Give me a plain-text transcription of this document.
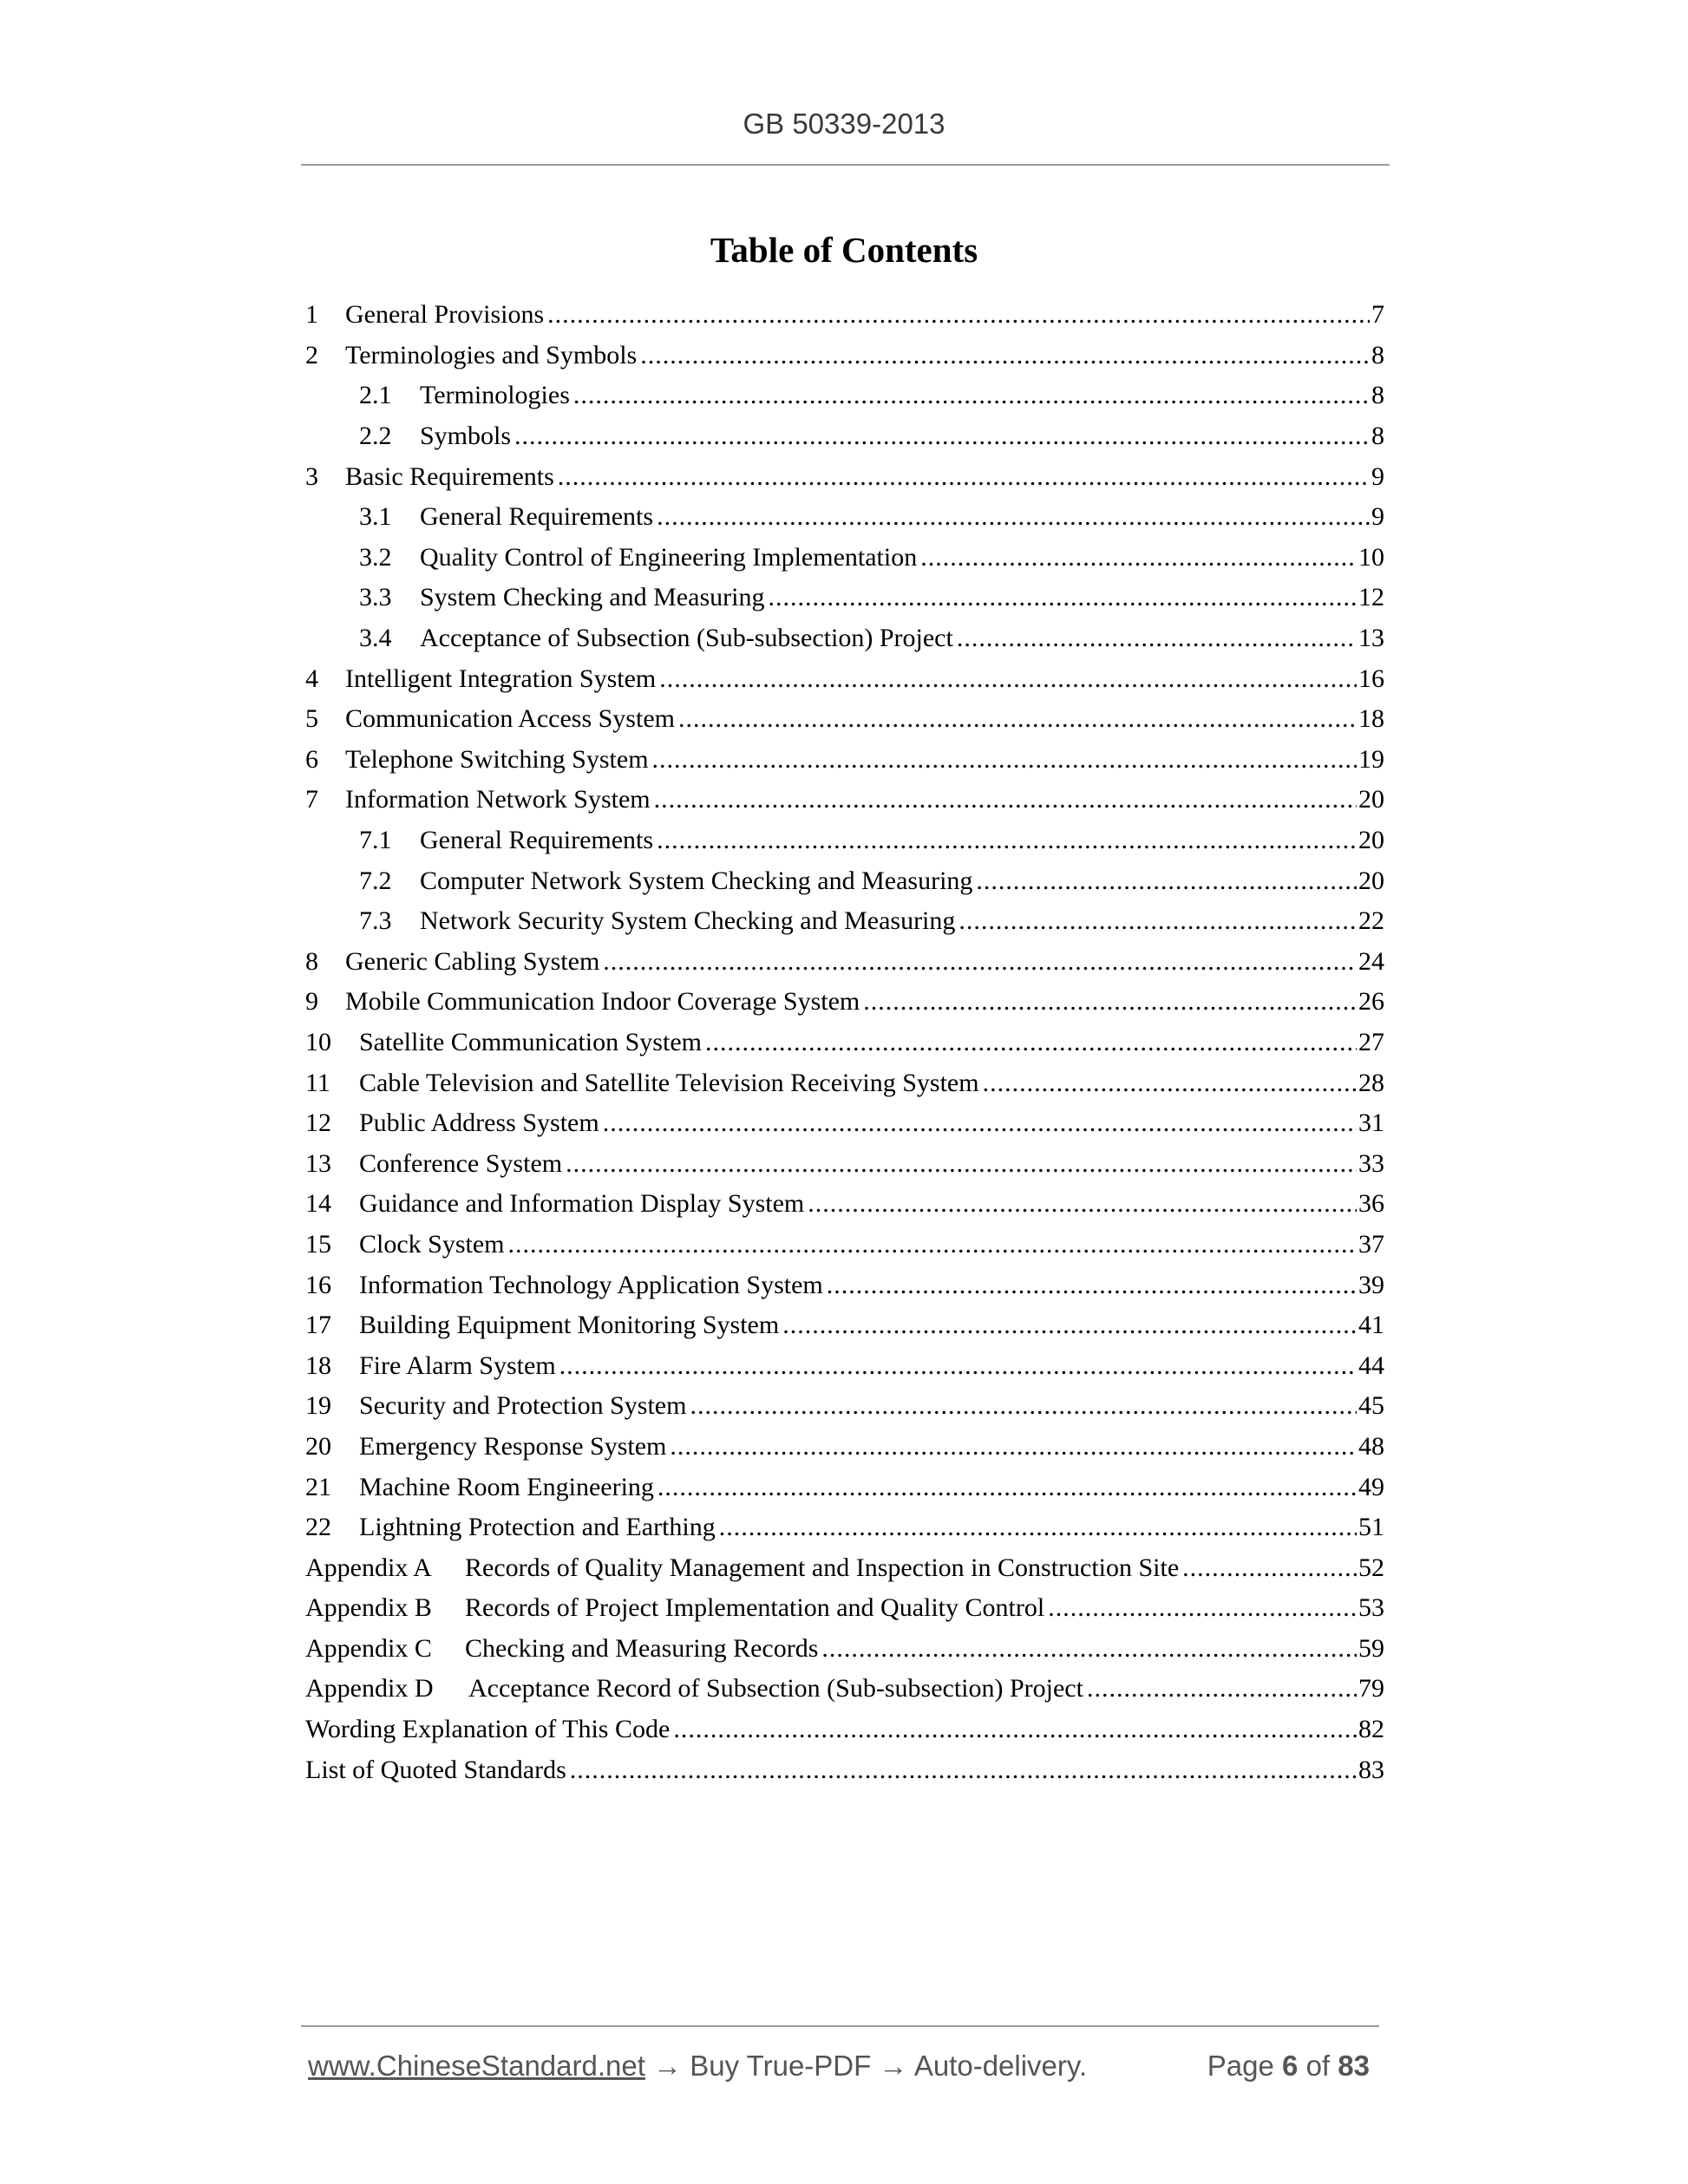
GB 50339-2013
Table of Contents
1	General Provisions .....	7
2	Terminologies and Symbols .....	8
2.1	Terminologies .....	8
2.2	Symbols .....	8
3	Basic Requirements .....	9
3.1	General Requirements .....	9
3.2	Quality Control of Engineering Implementation .....	10
3.3	System Checking and Measuring .....	12
3.4	Acceptance of Subsection (Sub-subsection) Project .....	13
4	Intelligent Integration System .....	16
5	Communication Access System .....	18
6	Telephone Switching System .....	19
7	Information Network System .....	20
7.1	General Requirements .....	20
7.2	Computer Network System Checking and Measuring .....	20
7.3	Network Security System Checking and Measuring .....	22
8	Generic Cabling System .....	24
9	Mobile Communication Indoor Coverage System .....	26
10	Satellite Communication System .....	27
11	Cable Television and Satellite Television Receiving System .....	28
12	Public Address System .....	31
13	Conference System .....	33
14	Guidance and Information Display System .....	36
15	Clock System .....	37
16	Information Technology Application System .....	39
17	Building Equipment Monitoring System .....	41
18	Fire Alarm System .....	44
19	Security and Protection System .....	45
20	Emergency Response System .....	48
21	Machine Room Engineering .....	49
22	Lightning Protection and Earthing .....	51
Appendix A	Records of Quality Management and Inspection in Construction Site .....	52
Appendix B	Records of Project Implementation and Quality Control .....	53
Appendix C	Checking and Measuring Records .....	59
Appendix D	Acceptance Record of Subsection (Sub-subsection) Project .....	79
Wording Explanation of This Code .....	82
List of Quoted Standards .....	83
www.ChineseStandard.net → Buy True-PDF → Auto-delivery.	Page 6 of 83
